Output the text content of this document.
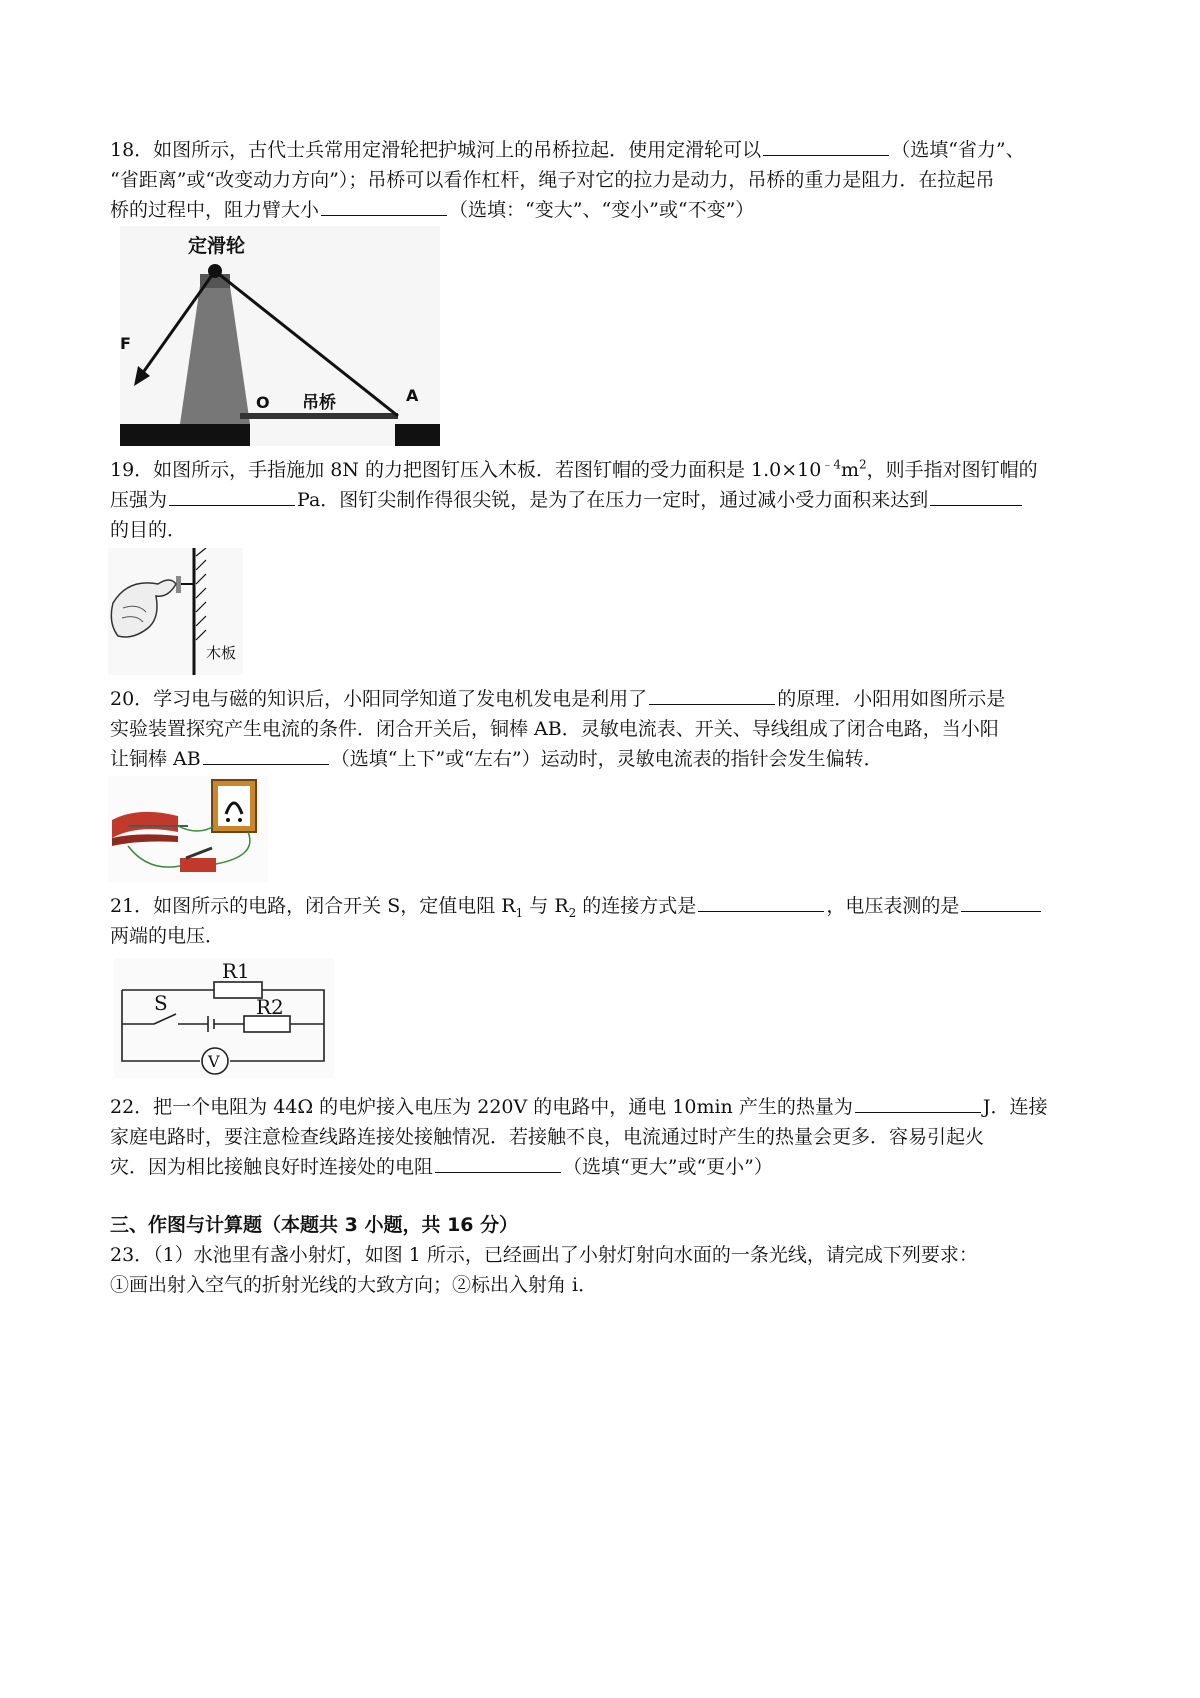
18．如图所示，古代士兵常用定滑轮把护城河上的吊桥拉起．使用定滑轮可以	（选填“省力”、
“省距离”或“改变动力方向”）；吊桥可以看作杠杆，绳子对它的拉力是动力，吊桥的重力是阻力．在拉起吊
桥的过程中，阻力臂大小	（选填：“变大”、“变小”或“不变”）
定滑轮
F
O 吊桥	A
19．如图所示，手指施加 8N 的力把图钉压入木板．若图钉帽的受力面积是 $1.0\times 10^{﹣4}m^2$，则手指对图钉帽的
压强为	Pa．图钉尖制作得很尖锐，是为了在压力一定时，通过减小受力面积来达到
的目的．
木板
20．学习电与磁的知识后，小阳同学知道了发电机发电是利用了	的原理．小阳用如图所示是
实验装置探究产生电流的条件．闭合开关后，铜棒 AB．灵敏电流表、开关、导线组成了闭合电路，当小阳
让铜棒 AB	（选填“上下”或“左右”）运动时，灵敏电流表的指针会发生偏转．
21．如图所示的电路，闭合开关 S，定值电阻 $R_1$ 与 $R_2$ 的连接方式是	，电压表测的是
两端的电压．
V
R1
R2
S
22．把一个电阻为 44Ω 的电炉接入电压为 220V 的电路中，通电 10min 产生的热量为	J．连接
家庭电路时，要注意检查线路连接处接触情况．若接触不良，电流通过时产生的热量会更多．容易引起火
灾．因为相比接触良好时连接处的电阻	（选填“更大”或“更小”）
三、作图与计算题（本题共 3 小题，共 16 分）
23．（1）水池里有盏小射灯，如图 1 所示，已经画出了小射灯射向水面的一条光线，请完成下列要求：
①画出射入空气的折射光线的大致方向；②标出入射角 i．
